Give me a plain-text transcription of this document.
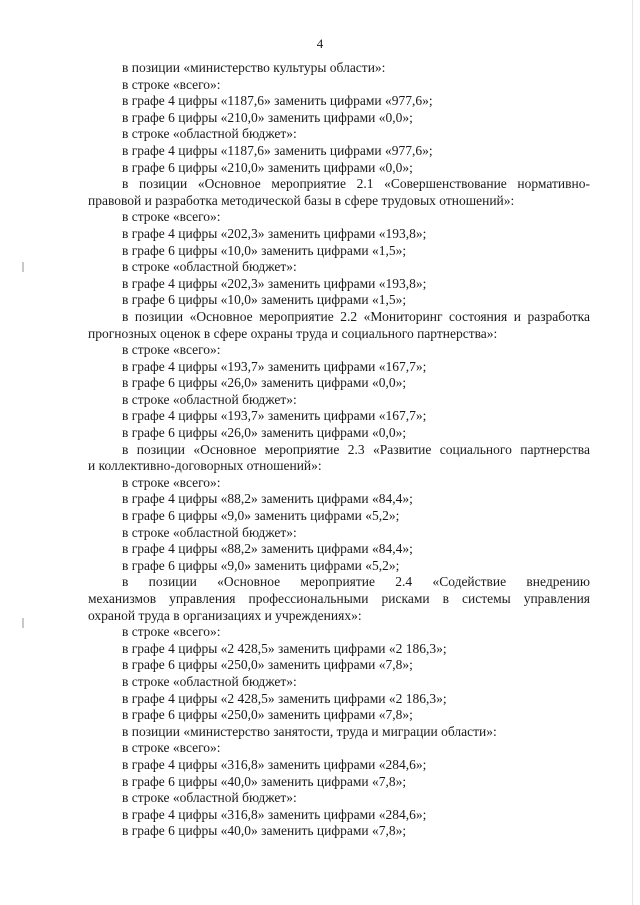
4
в позиции «министерство культуры области»:
в строке «всего»:
в графе 4 цифры «1187,6» заменить цифрами «977,6»;
в графе 6 цифры «210,0» заменить цифрами «0,0»;
в строке «областной бюджет»:
в графе 4 цифры «1187,6» заменить цифрами «977,6»;
в графе 6 цифры «210,0» заменить цифрами «0,0»;
в позиции «Основное мероприятие 2.1 «Совершенствование нормативно-
правовой и разработка методической базы в сфере трудовых отношений»:
в строке «всего»:
в графе 4 цифры «202,3» заменить цифрами «193,8»;
в графе 6 цифры «10,0» заменить цифрами «1,5»;
в строке «областной бюджет»:
в графе 4 цифры «202,3» заменить цифрами «193,8»;
в графе 6 цифры «10,0» заменить цифрами «1,5»;
в позиции «Основное мероприятие 2.2 «Мониторинг состояния и разработка
прогнозных оценок в сфере охраны труда и социального партнерства»:
в строке «всего»:
в графе 4 цифры «193,7» заменить цифрами «167,7»;
в графе 6 цифры «26,0» заменить цифрами «0,0»;
в строке «областной бюджет»:
в графе 4 цифры «193,7» заменить цифрами «167,7»;
в графе 6 цифры «26,0» заменить цифрами «0,0»;
в позиции «Основное мероприятие 2.3 «Развитие социального партнерства
и коллективно-договорных отношений»:
в строке «всего»:
в графе 4 цифры «88,2» заменить цифрами «84,4»;
в графе 6 цифры «9,0» заменить цифрами «5,2»;
в строке «областной бюджет»:
в графе 4 цифры «88,2» заменить цифрами «84,4»;
в графе 6 цифры «9,0» заменить цифрами «5,2»;
в позиции «Основное мероприятие 2.4 «Содействие внедрению
механизмов управления профессиональными рисками в системы управления
охраной труда в организациях и учреждениях»:
в строке «всего»:
в графе 4 цифры «2 428,5» заменить цифрами «2 186,3»;
в графе 6 цифры «250,0» заменить цифрами «7,8»;
в строке «областной бюджет»:
в графе 4 цифры «2 428,5» заменить цифрами «2 186,3»;
в графе 6 цифры «250,0» заменить цифрами «7,8»;
в позиции «министерство занятости, труда и миграции области»:
в строке «всего»:
в графе 4 цифры «316,8» заменить цифрами «284,6»;
в графе 6 цифры «40,0» заменить цифрами «7,8»;
в строке «областной бюджет»:
в графе 4 цифры «316,8» заменить цифрами «284,6»;
в графе 6 цифры «40,0» заменить цифрами «7,8»;
